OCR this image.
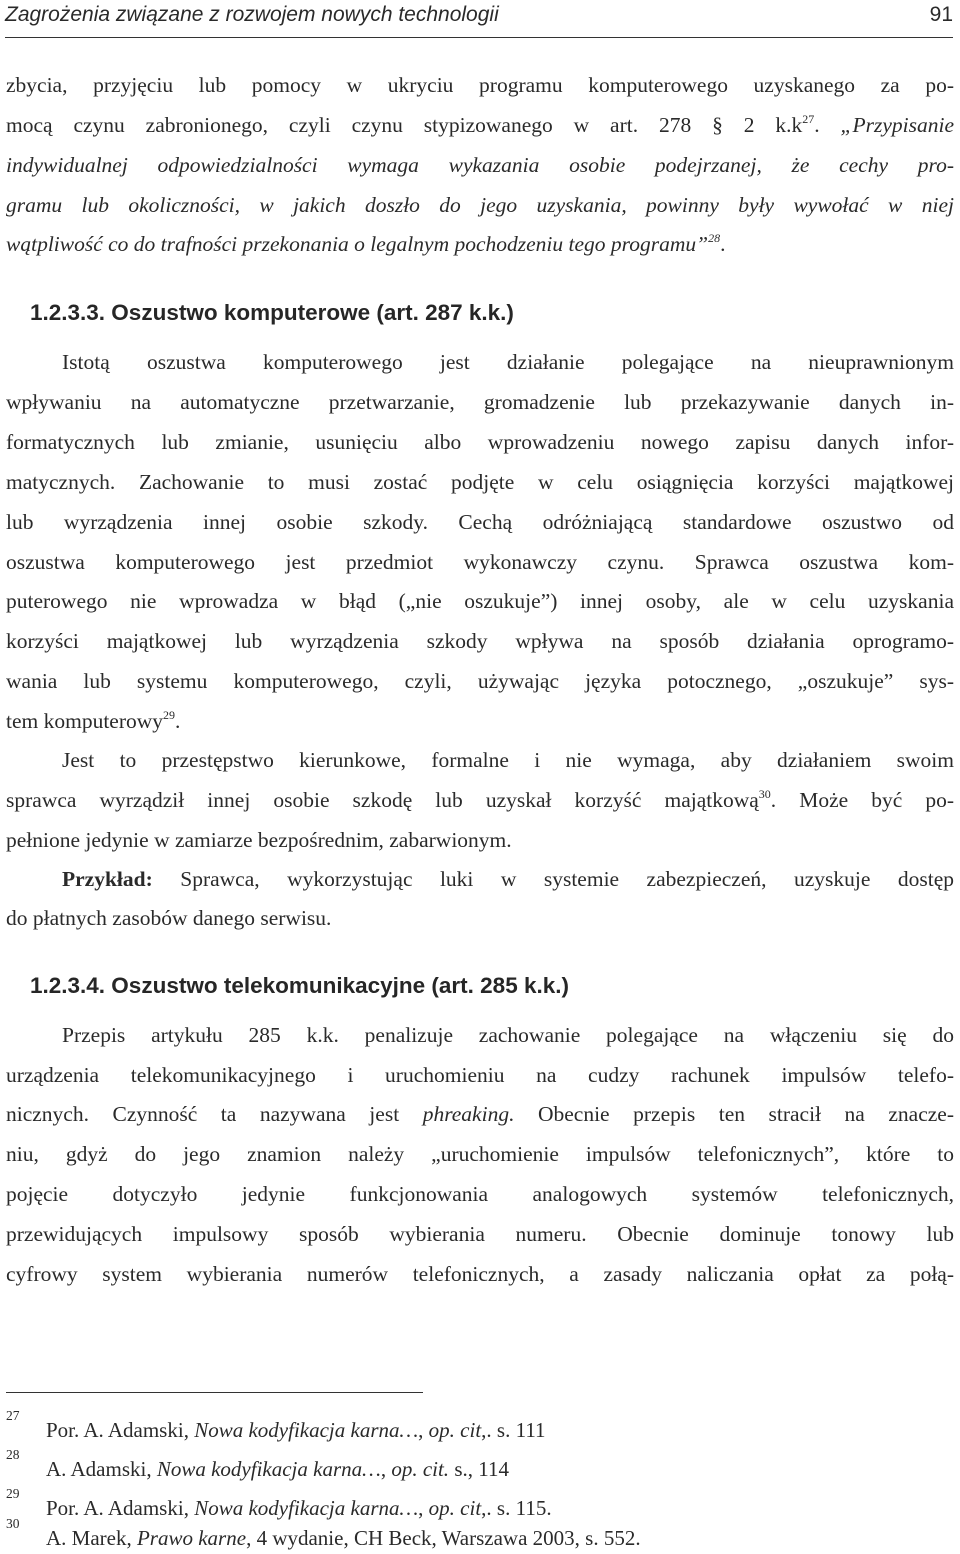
Zagrożenia związane z rozwojem nowych technologii	91
zbycia, przyjęciu lub pomocy w ukryciu programu komputerowego uzyskanego za po-
mocą czynu zabronionego, czyli czynu stypizowanego w art. 278 § 2 $k.k^{27}$. „Przypisanie
indywidualnej odpowiedzialności wymaga wykazania osobie podejrzanej, że cechy pro-
gramu lub okoliczności, w jakich doszło do jego uzyskania, powinny były wywołać w niej
wątpliwość co do trafności przekonania o legalnym pochodzeniu tego programu”$^{28}$.
1.2.3.3. Oszustwo komputerowe (art. 287 k.k.)
Istotą oszustwa komputerowego jest działanie polegające na nieuprawnionym
wpływaniu na automatyczne przetwarzanie, gromadzenie lub przekazywanie danych in-
formatycznych lub zmianie, usunięciu albo wprowadzeniu nowego zapisu danych infor-
matycznych. Zachowanie to musi zostać podjęte w celu osiągnięcia korzyści majątkowej
lub wyrządzenia innej osobie szkody. Cechą odróżniającą standardowe oszustwo od
oszustwa komputerowego jest przedmiot wykonawczy czynu. Sprawca oszustwa kom-
puterowego nie wprowadza w błąd („nie oszukuje”) innej osoby, ale w celu uzyskania
korzyści majątkowej lub wyrządzenia szkody wpływa na sposób działania oprogramo-
wania lub systemu komputerowego, czyli, używając języka potocznego, „oszukuje” sys-
tem komputerowy$^{29}$.
Jest to przestępstwo kierunkowe, formalne i nie wymaga, aby działaniem swoim
sprawca wyrządził innej osobie szkodę lub uzyskał korzyść majątkową$^{30}$. Może być po-
pełnione jedynie w zamiarze bezpośrednim, zabarwionym.
Przykład: Sprawca, wykorzystując luki w systemie zabezpieczeń, uzyskuje dostęp
do płatnych zasobów danego serwisu.
1.2.3.4. Oszustwo telekomunikacyjne (art. 285 k.k.)
Przepis artykułu 285 k.k. penalizuje zachowanie polegające na włączeniu się do
urządzenia telekomunikacyjnego i uruchomieniu na cudzy rachunek impulsów telefo-
nicznych. Czynność ta nazywana jest phreaking. Obecnie przepis ten stracił na znacze-
niu, gdyż do jego znamion należy „uruchomienie impulsów telefonicznych”, które to
pojęcie dotyczyło jedynie funkcjonowania analogowych systemów telefonicznych,
przewidujących impulsowy sposób wybierania numeru. Obecnie dominuje tonowy lub
cyfrowy system wybierania numerów telefonicznych, a zasady naliczania opłat za połą-
27
Por. A. Adamski, Nowa kodyfikacja karna…, op. cit,. s. 111
28
A. Adamski, Nowa kodyfikacja karna…, op. cit. s., 114
29
Por. A. Adamski, Nowa kodyfikacja karna…, op. cit,. s. 115.
30
A. Marek, Prawo karne, 4 wydanie, CH Beck, Warszawa 2003, s. 552.
